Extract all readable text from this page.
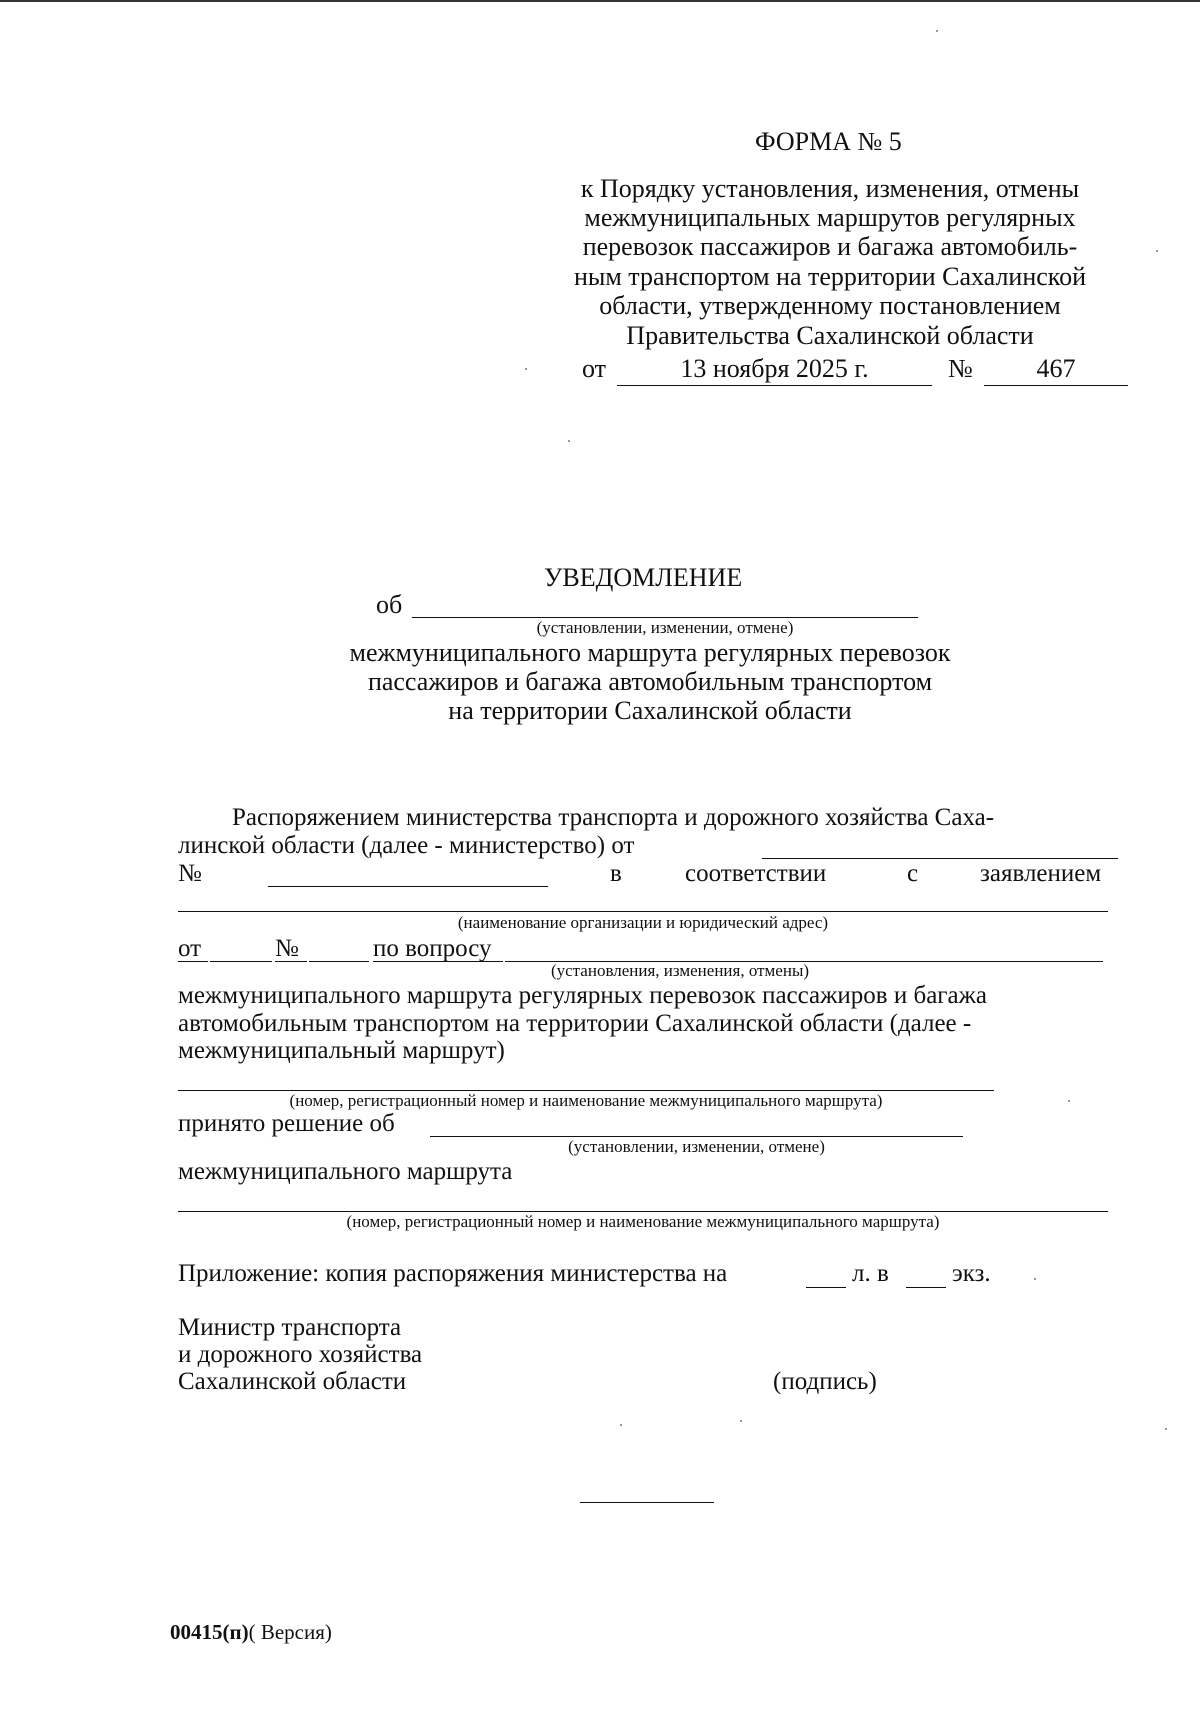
ФОРМА № 5
к Порядку установления, изменения, отмены
межмуниципальных маршрутов регулярных
перевозок пассажиров и багажа автомобиль-
ным транспортом на территории Сахалинской
области, утвержденному постановлением
Правительства Сахалинской области
от	13 ноября 2025 г.	№	467
УВЕДОМЛЕНИЕ
об
(установлении, изменении, отмене)
межмуниципального маршрута регулярных перевозок
пассажиров и багажа автомобильным транспортом
на территории Сахалинской области
Распоряжением министерства транспорта и дорожного хозяйства Саха-
линской области (далее - министерство) от
№	в	соответствии	с заявлением
(наименование организации и юридический адрес)
от	№	по вопросу
(установления, изменения, отмены)
межмуниципального маршрута регулярных перевозок пассажиров и багажа
автомобильным транспортом на территории Сахалинской области (далее -
межмуниципальный маршрут)
(номер, регистрационный номер и наименование межмуниципального маршрута)
принято решение об
(установлении, изменении, отмене)
межмуниципального маршрута
(номер, регистрационный номер и наименование межмуниципального маршрута)
Приложение: копия распоряжения министерства на	л. в	экз.
Министр транспорта
и дорожного хозяйства
Сахалинской области	(подпись)
00415(п)( Версия)
